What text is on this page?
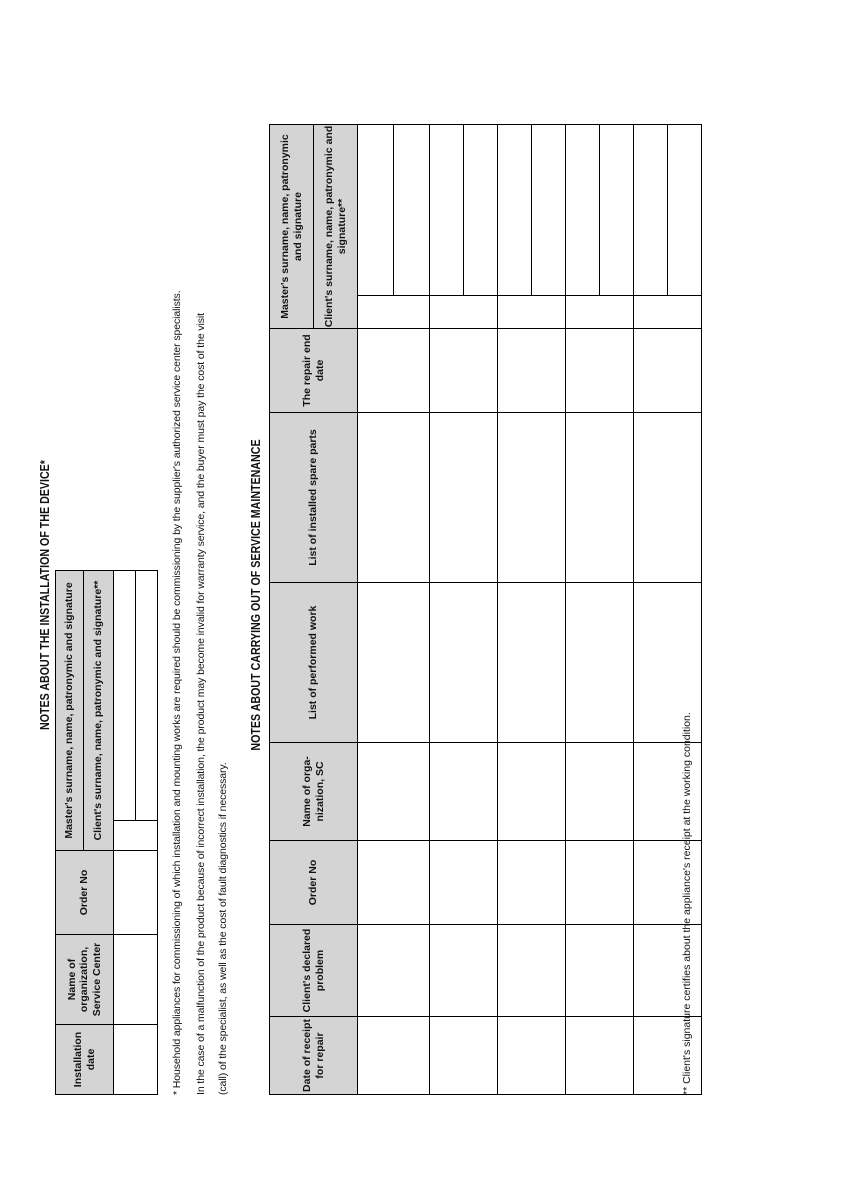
NOTES ABOUT THE INSTALLATION OF THE DEVICE*
Installation date	Name of organization, Service Center	Order No	Master's surname, name, patronymic and signature	
			Client's surname, name, patronymic and signature**	
					* Household appliances for commissioning of which installation and mounting works are required should be commissioning by the supplier's authorized service center specialists. In the case of a malfunction of the product because of incorrect installation, the product may become invalid for warranty service, and the buyer must pay the cost of the visit (call) of the specialist, as well as the cost of fault diagnostics if necessary.
NOTES ABOUT CARRYING OUT OF SERVICE MAINTENANCE
Date of receipt for repair	Client's declared problem	Order No	Name of orga-nization, SC	List of performed work	List of installed spare parts	The repair end date	Master's surname, name, patronymic and signature	
							Client's surname, name, patronymic and signature**	

** Client's signature certifies about the appliance's receipt at the working condition.
